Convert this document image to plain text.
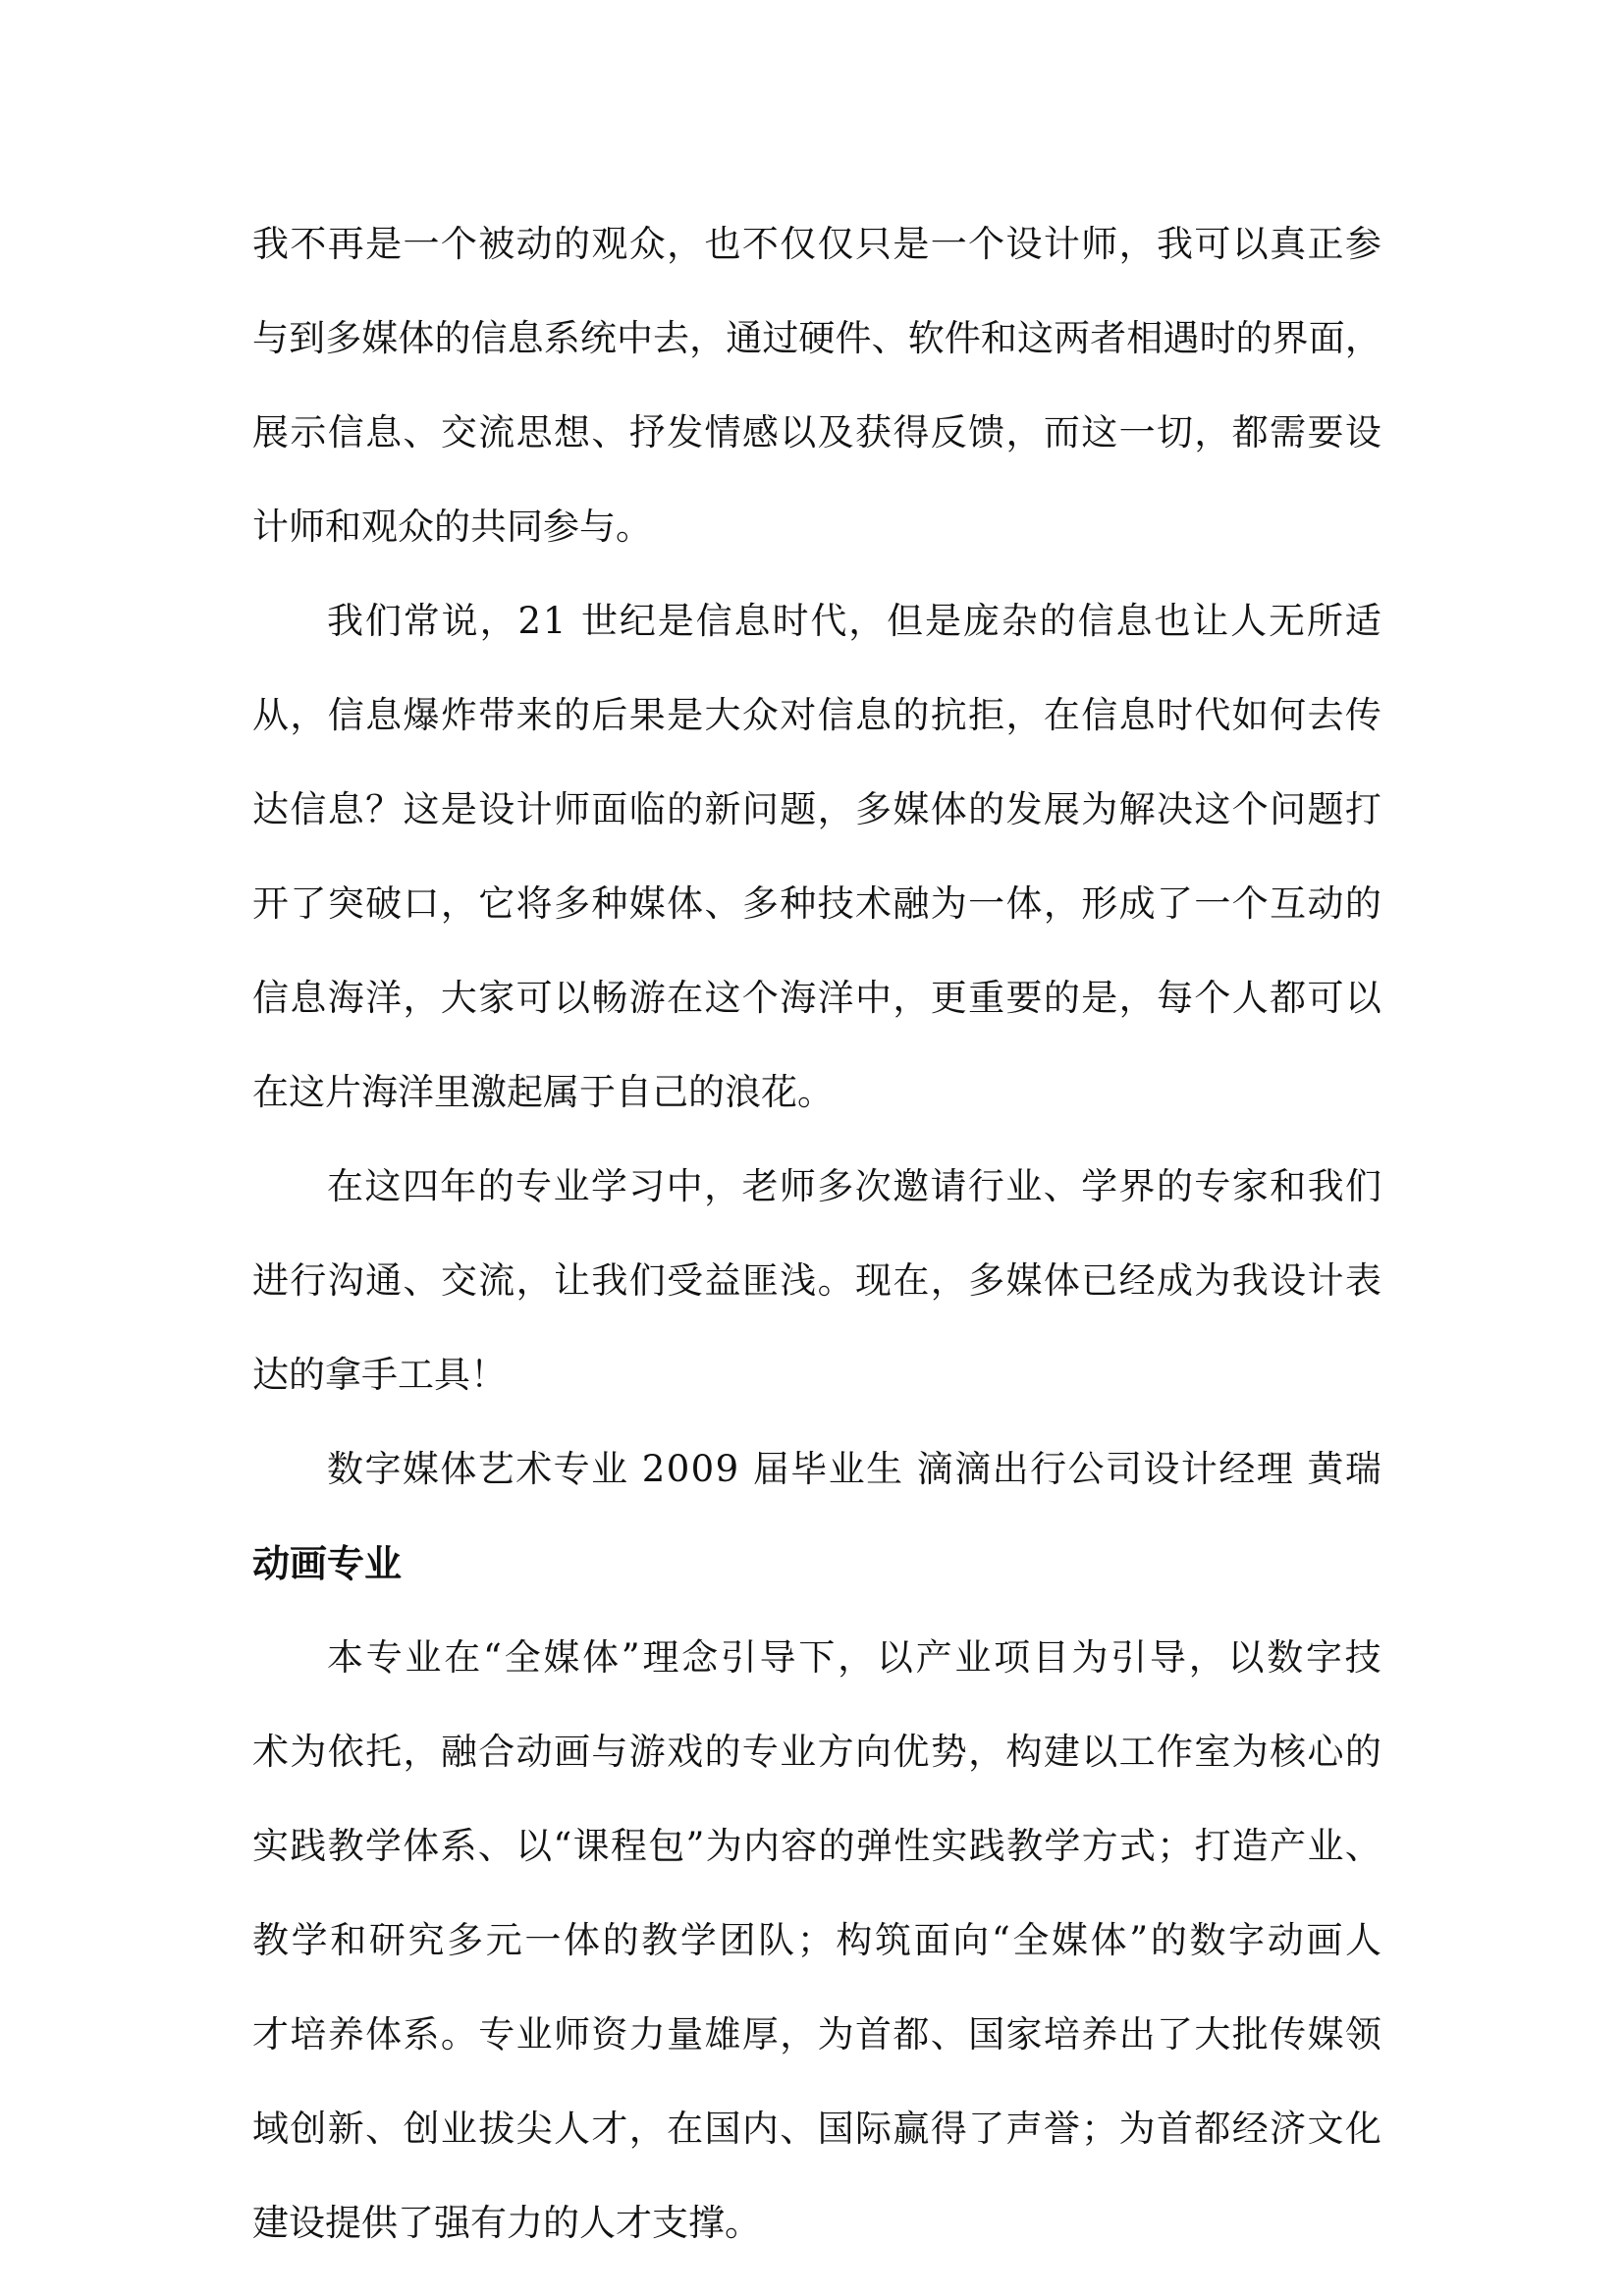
我 不 再 是 一 个 被 动 的 观 众 ， 也 不 仅 仅 只 是 一 个 设 计 师 ， 我 可 以 真 正 参
与 到 多 媒 体 的 信 息 系 统 中 去 ， 通 过 硬 件 、 软 件 和 这 两 者 相 遇 时 的 界 面 ，
展 示 信 息 、 交 流 思 想 、 抒 发 情 感 以 及 获 得 反 馈 ， 而 这 一 切 ， 都 需 要 设
计师和观众的共同参与。
我 们 常 说 ， 2 1
世 纪 是 信 息 时 代 ， 但 是 庞 杂 的 信 息 也 让 人 无 所 适
从 ， 信 息 爆 炸 带 来 的 后 果 是 大 众 对 信 息 的 抗 拒 ， 在 信 息 时 代 如 何 去 传
达 信 息 ？ 这 是 设 计 师 面 临 的 新 问 题 ， 多 媒 体 的 发 展 为 解 决 这 个 问 题 打
开 了 突 破 口 ， 它 将 多 种 媒 体 、 多 种 技 术 融 为 一 体 ， 形 成 了 一 个 互 动 的
信 息 海 洋 ， 大 家 可 以 畅 游 在 这 个 海 洋 中 ， 更 重 要 的 是 ， 每 个 人 都 可 以
在这片海洋里激起属于自己的浪花。
在 这 四 年 的 专 业 学 习 中 ， 老 师 多 次 邀 请 行 业 、 学 界 的 专 家 和 我 们
进 行 沟 通 、 交 流 ， 让 我 们 受 益 匪 浅 。 现 在 ， 多 媒 体 已 经 成 为 我 设 计 表
达的拿手工具！
数 字 媒 体 艺 术 专 业
2 0 0 9
届 毕 业 生
滴 滴 出 行 公 司 设 计 经 理
黄 瑞
动画专业
本 专 业 在 “ 全 媒 体 ” 理 念 引 导 下 ， 以 产 业 项 目 为 引 导 ， 以 数 字 技
术 为 依 托 ， 融 合 动 画 与 游 戏 的 专 业 方 向 优 势 ， 构 建 以 工 作 室 为 核 心 的
实 践 教 学 体 系 、 以 “ 课 程 包 ” 为 内 容 的 弹 性 实 践 教 学 方 式 ； 打 造 产 业 、
教 学 和 研 究 多 元 一 体 的 教 学 团 队 ； 构 筑 面 向 “ 全 媒 体 ” 的 数 字 动 画 人
才 培 养 体 系 。 专 业 师 资 力 量 雄 厚 ， 为 首 都 、 国 家 培 养 出 了 大 批 传 媒 领
域 创 新 、 创 业 拔 尖 人 才 ， 在 国 内 、 国 际 赢 得 了 声 誉 ； 为 首 都 经 济 文 化
建设提供了强有力的人才支撑。
